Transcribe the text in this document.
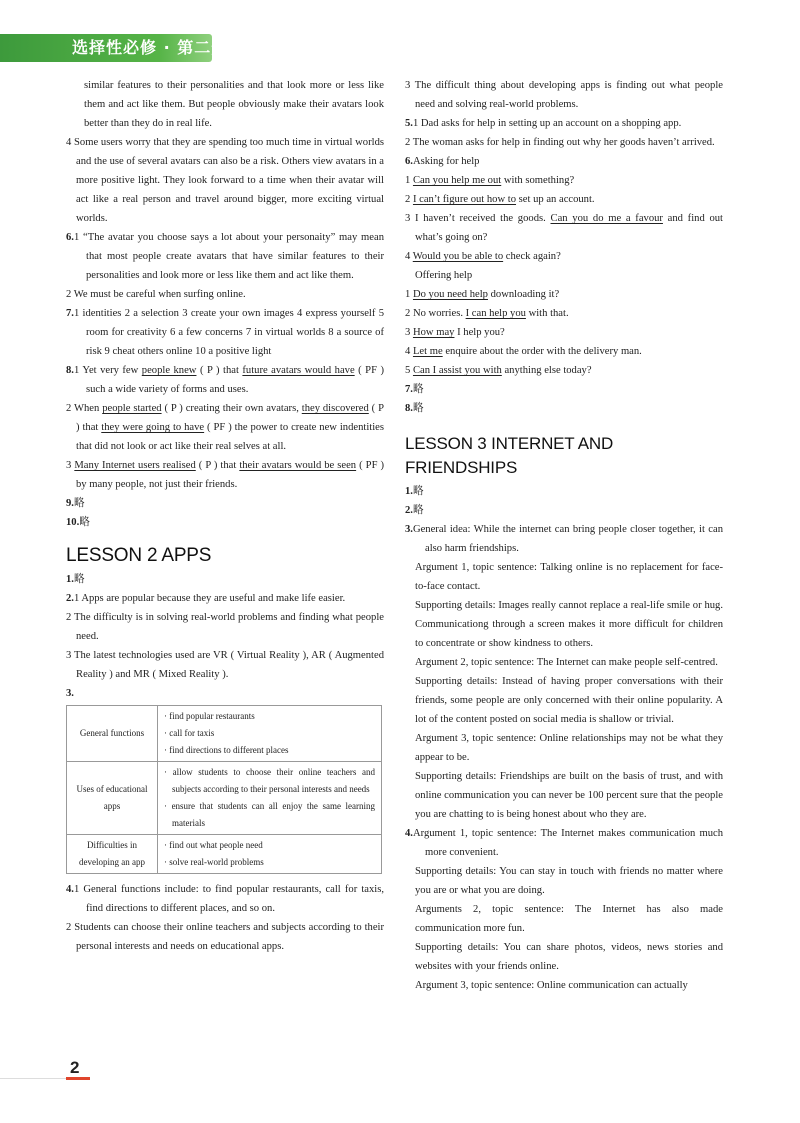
选择性必修 · 第二册
similar features to their personalities and that look more or less like them and act like them. But people obviously make their avatars look better than they do in real life.
4 Some users worry that they are spending too much time in virtual worlds and the use of several avatars can also be a risk. Others view avatars in a more positive light. They look forward to a time when their avatar will act like a real person and travel around bigger, more exciting virtual worlds.
6.1 “The avatar you choose says a lot about your personaity” may mean that most people create avatars that have similar features to their personalities and look more or less like them and act like them.
2 We must be careful when surfing online.
7.1 identities 2 a selection 3 create your own images 4 express yourself 5 room for creativity 6 a few concerns 7 in virtual worlds 8 a source of risk 9 cheat others online 10 a positive light
8.1 Yet very few people knew ( P ) that future avatars would have ( PF ) such a wide variety of forms and uses.
2 When people started ( P ) creating their own avatars, they discovered ( P ) that they were going to have ( PF ) the power to create new indentities that did not look or act like their real selves at all.
3 Many Internet users realised ( P ) that their avatars would be seen ( PF ) by many people, not just their friends.
9.略
10.略
LESSON 2 APPS
1.略
2.1 Apps are popular because they are useful and make life easier.
2 The difficulty is in solving real-world problems and finding what people need.
3 The latest technologies used are VR ( Virtual Reality ), AR ( Augmented Reality ) and MR ( Mixed Reality ).
3.
General functions	· find popular restaurants
· call for taxis
· find directions to different places

Uses of educational apps	· allow students to choose their online teachers and subjects according to their personal interests and needs
· ensure that students can all enjoy the same learning materials

Difficulties in developing an app	· find out what people need
· solve real-world problems
4.1 General functions include: to find popular restaurants, call for taxis, find directions to different places, and so on.
2 Students can choose their online teachers and subjects according to their personal interests and needs on educational apps.
3 The difficult thing about developing apps is finding out what people need and solving real-world problems.
5.1 Dad asks for help in setting up an account on a shopping app.
2 The woman asks for help in finding out why her goods haven’t arrived.
6.Asking for help
1 Can you help me out with something?
2 I can’t figure out how to set up an account.
3 I haven’t received the goods. Can you do me a favour and find out what’s going on?
4 Would you be able to check again?
Offering help
1 Do you need help downloading it?
2 No worries. I can help you with that.
3 How may I help you?
4 Let me enquire about the order with the delivery man.
5 Can I assist you with anything else today?
7.略
8.略
LESSON 3 INTERNET AND FRIENDSHIPS
1.略
2.略
3.General idea: While the internet can bring people closer together, it can also harm friendships.
Argument 1, topic sentence: Talking online is no replacement for face-to-face contact.
Supporting details: Images really cannot replace a real-life smile or hug. Communicationg through a screen makes it more difficult for children to concentrate or show kindness to others.
Argument 2, topic sentence: The Internet can make people self-centred.
Supporting details: Instead of having proper conversations with their friends, some people are only concerned with their online popularity. A lot of the content posted on social media is shallow or trivial.
Argument 3, topic sentence: Online relationships may not be what they appear to be.
Supporting details: Friendships are built on the basis of trust, and with online communication you can never be 100 percent sure that the people you are chatting to is being honest about who they are.
4.Argument 1, topic sentence: The Internet makes communication much more convenient.
Supporting details: You can stay in touch with friends no matter where you are or what you are doing.
Arguments 2, topic sentence: The Internet has also made communication more fun.
Supporting details: You can share photos, videos, news stories and websites with your friends online.
Argument 3, topic sentence: Online communication can actually
2
